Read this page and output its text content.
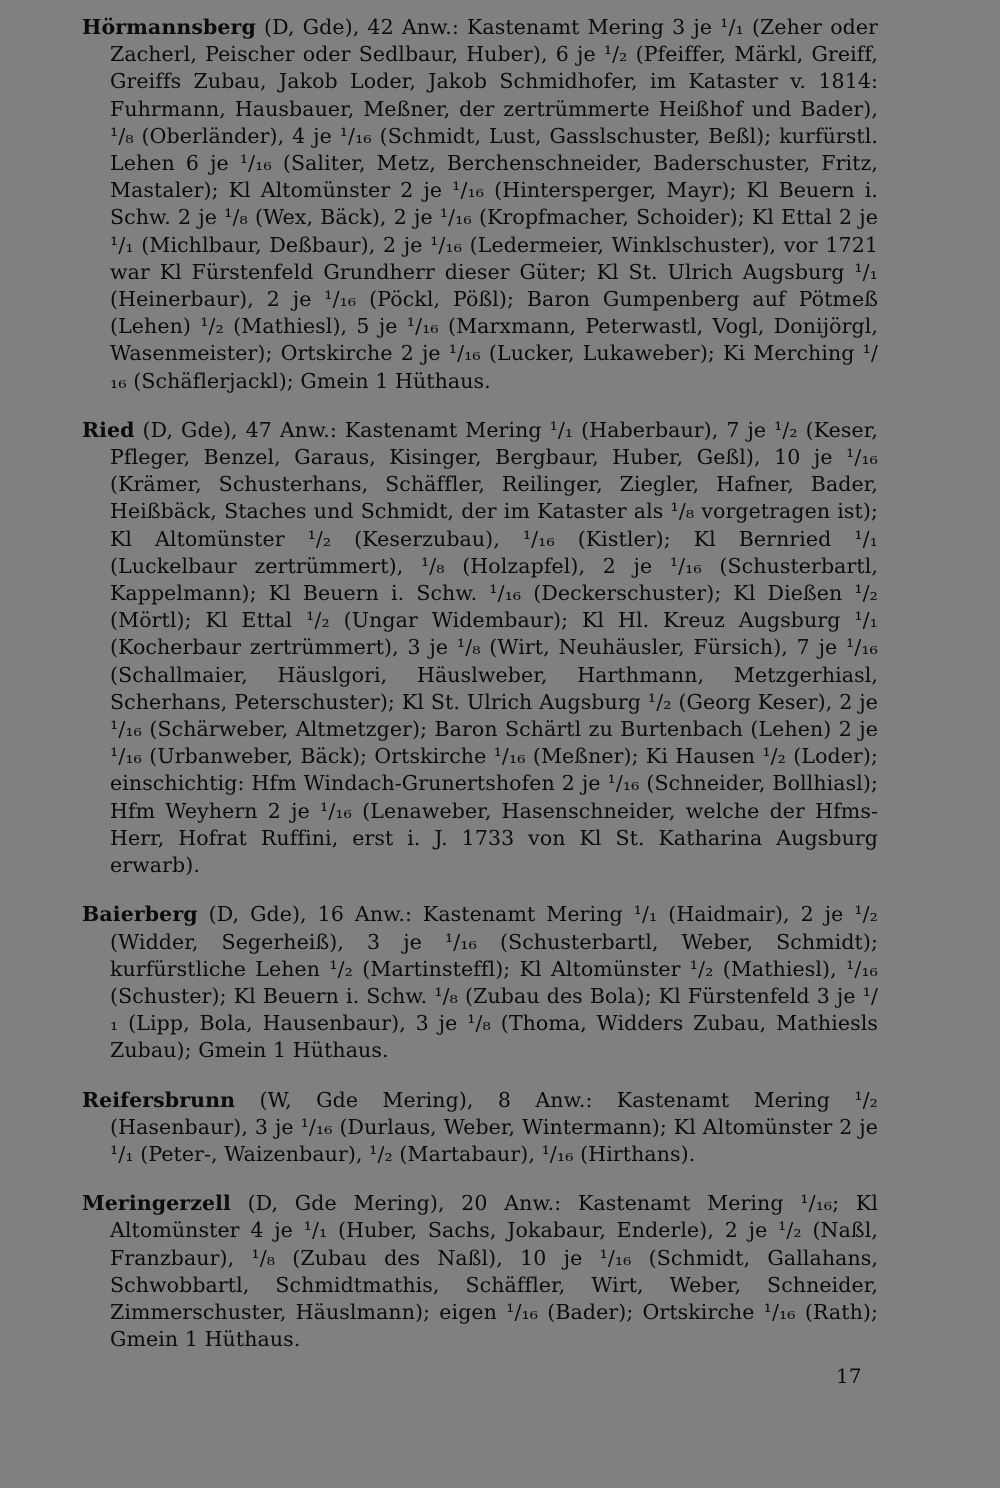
Hörmannsberg (D, Gde), 42 Anw.: Kastenamt Mering 3 je ¹/₁ (Zeher oder Zacherl, Peischer oder Sedlbaur, Huber), 6 je ¹/₂ (Pfeiffer, Märkl, Greiff, Greiffs Zubau, Jakob Loder, Jakob Schmidhofer, im Kataster v. 1814: Fuhrmann, Hausbauer, Meßner, der zertrümmerte Heißhof und Bader), ¹/₈ (Oberländer), 4 je ¹/₁₆ (Schmidt, Lust, Gasslschuster, Beßl); kurfürstl. Lehen 6 je ¹/₁₆ (Saliter, Metz, Berchenschneider, Baderschuster, Fritz, Mastaler); Kl Altomünster 2 je ¹/₁₆ (Hintersperger, Mayr); Kl Beuern i. Schw. 2 je ¹/₈ (Wex, Bäck), 2 je ¹/₁₆ (Kropfmacher, Schoider); Kl Ettal 2 je ¹/₁ (Michlbaur, Deßbaur), 2 je ¹/₁₆ (Ledermeier, Winklschuster), vor 1721 war Kl Fürstenfeld Grundherr dieser Güter; Kl St. Ulrich Augsburg ¹/₁ (Heinerbaur), 2 je ¹/₁₆ (Pöckl, Pößl); Baron Gumpenberg auf Pötmeß (Lehen) ¹/₂ (Mathiesl), 5 je ¹/₁₆ (Marxmann, Peterwastl, Vogl, Donijörgl, Wasenmeister); Ortskirche 2 je ¹/₁₆ (Lucker, Lukaweber); Ki Merching ¹/₁₆ (Schäflerjackl); Gmein 1 Hüthaus.

Ried (D, Gde), 47 Anw.: Kastenamt Mering ¹/₁ (Haberbaur), 7 je ¹/₂ (Keser, Pfleger, Benzel, Garaus, Kisinger, Bergbaur, Huber, Geßl), 10 je ¹/₁₆ (Krämer, Schusterhans, Schäffler, Reilinger, Ziegler, Hafner, Bader, Heißbäck, Staches und Schmidt, der im Kataster als ¹/₈ vorgetragen ist); Kl Altomünster ¹/₂ (Keserzubau), ¹/₁₆ (Kistler); Kl Bernried ¹/₁ (Luckelbaur zertrümmert), ¹/₈ (Holzapfel), 2 je ¹/₁₆ (Schusterbartl, Kappelmann); Kl Beuern i. Schw. ¹/₁₆ (Deckerschuster); Kl Dießen ¹/₂ (Mörtl); Kl Ettal ¹/₂ (Ungar Widembaur); Kl Hl. Kreuz Augsburg ¹/₁ (Kocherbaur zertrümmert), 3 je ¹/₈ (Wirt, Neuhäusler, Fürsich), 7 je ¹/₁₆ (Schallmaier, Häuslgori, Häuslweber, Harthmann, Metzgerhiasl, Scherhans, Peterschuster); Kl St. Ulrich Augsburg ¹/₂ (Georg Keser), 2 je ¹/₁₆ (Schärweber, Altmetzger); Baron Schärtl zu Burtenbach (Lehen) 2 je ¹/₁₆ (Urbanweber, Bäck); Ortskirche ¹/₁₆ (Meßner); Ki Hausen ¹/₂ (Loder); einschichtig: Hfm Windach-Grunertshofen 2 je ¹/₁₆ (Schneider, Bollhiasl); Hfm Weyhern 2 je ¹/₁₆ (Lenaweber, Hasenschneider, welche der Hfms-Herr, Hofrat Ruffini, erst i. J. 1733 von Kl St. Katharina Augsburg erwarb).

Baierberg (D, Gde), 16 Anw.: Kastenamt Mering ¹/₁ (Haidmair), 2 je ¹/₂ (Widder, Segerheiß), 3 je ¹/₁₆ (Schusterbartl, Weber, Schmidt); kurfürstliche Lehen ¹/₂ (Martinsteffl); Kl Altomünster ¹/₂ (Mathiesl), ¹/₁₆ (Schuster); Kl Beuern i. Schw. ¹/₈ (Zubau des Bola); Kl Fürstenfeld 3 je ¹/₁ (Lipp, Bola, Hausenbaur), 3 je ¹/₈ (Thoma, Widders Zubau, Mathiesls Zubau); Gmein 1 Hüthaus.

Reifersbrunn (W, Gde Mering), 8 Anw.: Kastenamt Mering ¹/₂ (Hasenbaur), 3 je ¹/₁₆ (Durlaus, Weber, Wintermann); Kl Altomünster 2 je ¹/₁ (Peter-, Waizenbaur), ¹/₂ (Martabaur), ¹/₁₆ (Hirthans).

Meringerzell (D, Gde Mering), 20 Anw.: Kastenamt Mering ¹/₁₆; Kl Altomünster 4 je ¹/₁ (Huber, Sachs, Jokabaur, Enderle), 2 je ¹/₂ (Naßl, Franzbaur), ¹/₈ (Zubau des Naßl), 10 je ¹/₁₆ (Schmidt, Gallahans, Schwobbartl, Schmidtmathis, Schäffler, Wirt, Weber, Schneider, Zimmerschuster, Häuslmann); eigen ¹/₁₆ (Bader); Ortskirche ¹/₁₆ (Rath); Gmein 1 Hüthaus.

17
